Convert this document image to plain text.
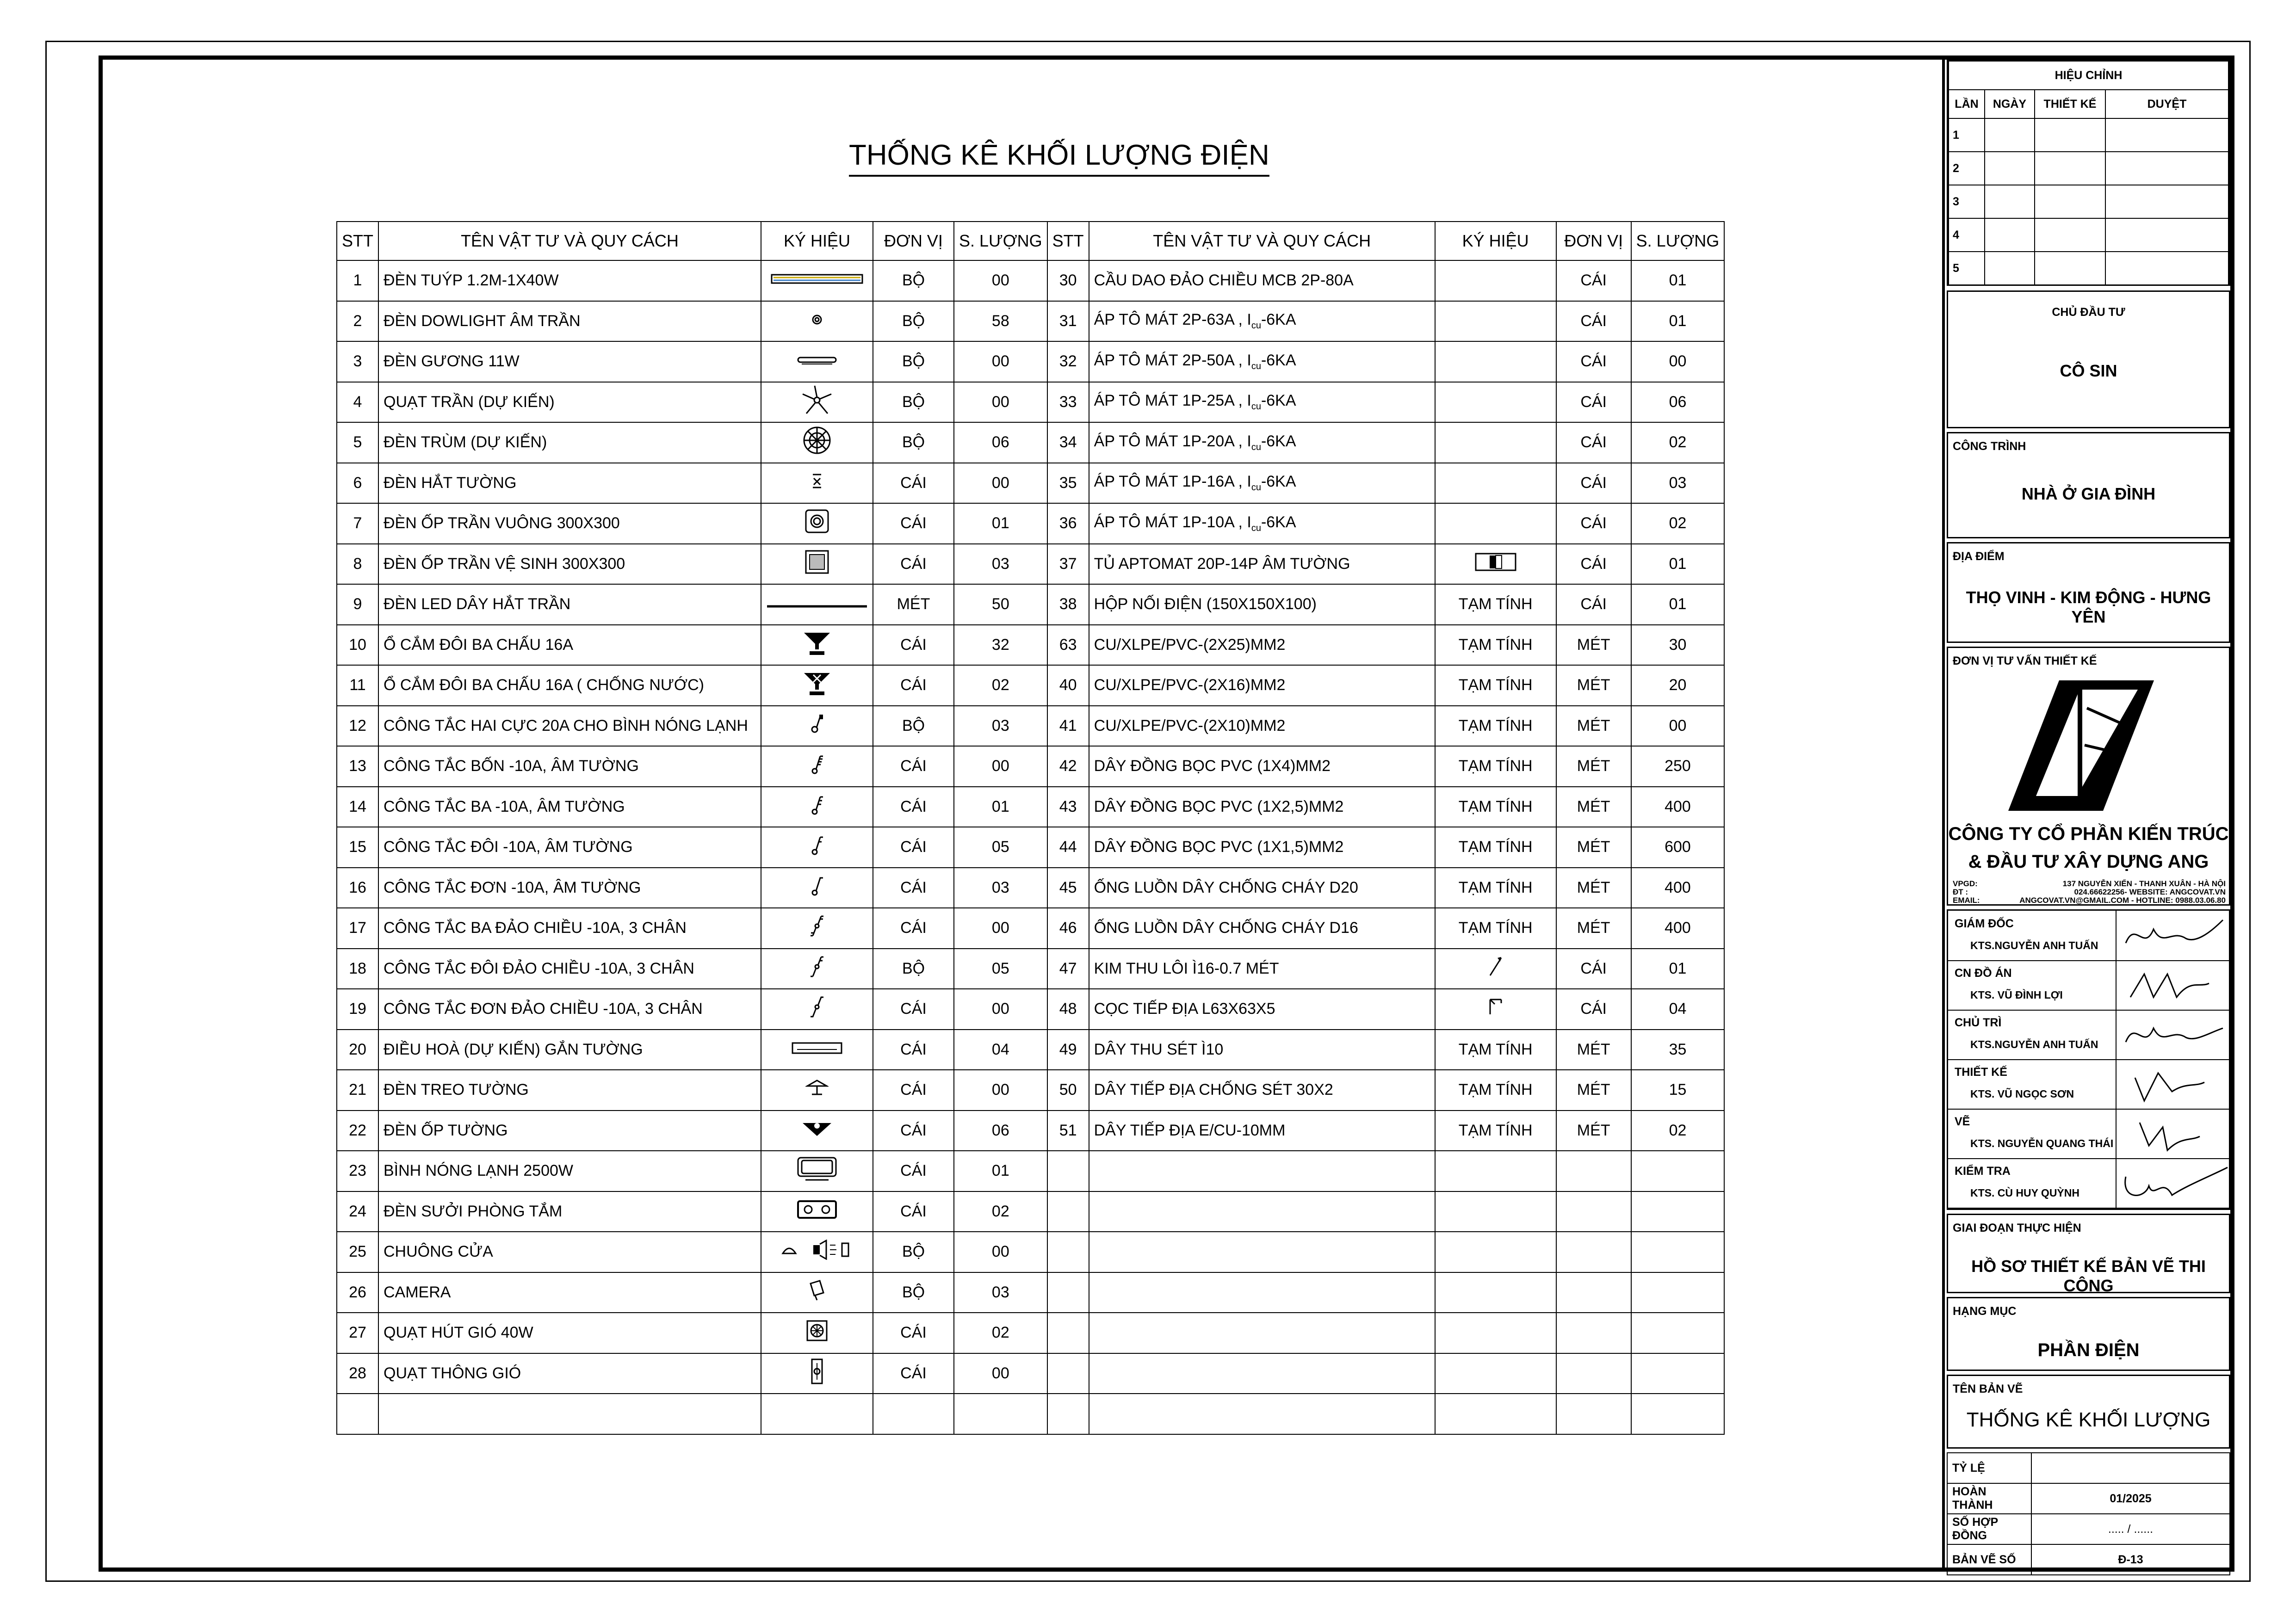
THỐNG KÊ KHỐI LƯỢNG ĐIỆN
STT	TÊN VẬT TƯ VÀ QUY CÁCH	KÝ HIỆU	ĐƠN VỊ	S. LƯỢNG	STT	TÊN VẬT TƯ VÀ QUY CÁCH	KÝ HIỆU	ĐƠN VỊ	S. LƯỢNG
1	ĐÈN TUÝP 1.2M-1X40W		BỘ	00	30	CẦU DAO ĐẢO CHIỀU MCB 2P-80A		CÁI	01
2	ĐÈN DOWLIGHT ÂM TRẦN		BỘ	58	31	ÁP TÔ MÁT 2P-63A , $I_{cu}-6KA$		CÁI	01
3	ĐÈN GƯƠNG 11W		BỘ	00	32	ÁP TÔ MÁT 2P-50A , $I_{cu}-6KA$		CÁI	00
4	QUẠT TRẦN (DỰ KIẾN)		BỘ	00	33	ÁP TÔ MÁT 1P-25A , $I_{cu}-6KA$		CÁI	06
5	ĐÈN TRÙM (DỰ KIẾN)		BỘ	06	34	ÁP TÔ MÁT 1P-20A , $I_{cu}-6KA$		CÁI	02
6	ĐÈN HẮT TƯỜNG		CÁI	00	35	ÁP TÔ MÁT 1P-16A , $I_{cu}-6KA$		CÁI	03
7	ĐÈN ỐP TRẦN VUÔNG 300X300		CÁI	01	36	ÁP TÔ MÁT 1P-10A , $I_{cu}-6KA$		CÁI	02
8	ĐÈN ỐP TRẦN VỆ SINH 300X300		CÁI	03	37	TỦ APTOMAT 20P-14P ÂM TƯỜNG		CÁI	01
9	ĐÈN LED DÂY HẮT TRẦN		MÉT	50	38	HỘP NỐI ĐIỆN (150X150X100)	TẠM TÍNH	CÁI	01
10	Ổ CẮM ĐÔI BA CHẤU 16A		CÁI	32	63	CU/XLPE/PVC-(2X25)MM2	TẠM TÍNH	MÉT	30
11	Ổ CẮM ĐÔI BA CHẤU 16A ( CHỐNG NƯỚC)		CÁI	02	40	CU/XLPE/PVC-(2X16)MM2	TẠM TÍNH	MÉT	20
12	CÔNG TẮC HAI CỰC 20A CHO BÌNH NÓNG LẠNH		BỘ	03	41	CU/XLPE/PVC-(2X10)MM2	TẠM TÍNH	MÉT	00
13	CÔNG TẮC BỐN -10A, ÂM TƯỜNG		CÁI	00	42	DÂY ĐỒNG BỌC PVC (1X4)MM2	TẠM TÍNH	MÉT	250
14	CÔNG TẮC BA -10A, ÂM TƯỜNG		CÁI	01	43	DÂY ĐỒNG BỌC PVC (1X2,5)MM2	TẠM TÍNH	MÉT	400
15	CÔNG TẮC ĐÔI -10A, ÂM TƯỜNG		CÁI	05	44	DÂY ĐỒNG BỌC PVC (1X1,5)MM2	TẠM TÍNH	MÉT	600
16	CÔNG TẮC ĐƠN -10A, ÂM TƯỜNG		CÁI	03	45	ỐNG LUỒN DÂY CHỐNG CHÁY D20	TẠM TÍNH	MÉT	400
17	CÔNG TẮC BA ĐẢO CHIỀU -10A, 3 CHÂN		CÁI	00	46	ỐNG LUỒN DÂY CHỐNG CHÁY D16	TẠM TÍNH	MÉT	400
18	CÔNG TẮC ĐÔI ĐẢO CHIỀU -10A, 3 CHÂN		BỘ	05	47	KIM THU LÔI Ì16-0.7 MÉT		CÁI	01
19	CÔNG TẮC ĐƠN ĐẢO CHIỀU -10A, 3 CHÂN		CÁI	00	48	CỌC TIẾP ĐỊA L63X63X5		CÁI	04
20	ĐIỀU HOÀ (DỰ KIẾN) GẮN TƯỜNG		CÁI	04	49	DÂY THU SÉT Ì10	TẠM TÍNH	MÉT	35
21	ĐÈN TREO TƯỜNG		CÁI	00	50	DÂY TIẾP ĐỊA CHỐNG SÉT 30X2	TẠM TÍNH	MÉT	15
22	ĐÈN ỐP TƯỜNG		CÁI	06	51	DÂY TIẾP ĐỊA E/CU-10MM	TẠM TÍNH	MÉT	02
23	BÌNH NÓNG LẠNH 2500W		CÁI	01					
24	ĐÈN SƯỞI PHÒNG TẮM		CÁI	02					
25	CHUÔNG CỬA		BỘ	00					
26	CAMERA		BỘ	03					
27	QUẠT HÚT GIÓ 40W		CÁI	02					
28	QUẠT THÔNG GIÓ		CÁI	00					

HIỆU CHỈNH			
LẦN	NGÀY	THIẾT KẾ	DUYỆT
1			
2			
3			
4			
5			
CHỦ ĐẦU TƯ
CÔ SIN
CÔNG TRÌNH
NHÀ Ở GIA ĐÌNH
ĐỊA ĐIỂM
THỌ VINH - KIM ĐỘNG - HƯNG YÊN
ĐƠN VỊ TƯ VẤN THIẾT KẾ
CÔNG TY CỔ PHẦN KIẾN TRÚC
& ĐẦU TƯ XÂY DỰNG ANG
VPGD:	137 NGUYỄN XIỂN - THANH XUÂN - HÀ NỘI
ĐT :	024.66622256- WEBSITE: ANGCOVAT.VN
EMAIL:	ANGCOVAT.VN@GMAIL.COM - HOTLINE: 0988.03.06.80
GIÁM ĐỐC
KTS.NGUYỄN ANH TUẤN
CN ĐỒ ÁN
KTS. VŨ ĐÌNH LỢI
CHỦ TRÌ
KTS.NGUYỄN ANH TUẤN
THIẾT KẾ
KTS. VŨ NGỌC SƠN
VẼ
KTS. NGUYỄN QUANG THÁI
KIỂM TRA
KTS. CÙ HUY QUỲNH
GIAI ĐOẠN THỰC HIỆN
HỒ SƠ THIẾT KẾ BẢN VẼ THI CÔNG
HẠNG MỤC
PHẦN ĐIỆN
TÊN BẢN VẼ
THỐNG KÊ KHỐI LƯỢNG
TỶ LỆ	
HOÀN THÀNH	01/2025
SỐ HỢP ĐỒNG	..... / ......
BẢN VẼ SỐ	Đ-13
